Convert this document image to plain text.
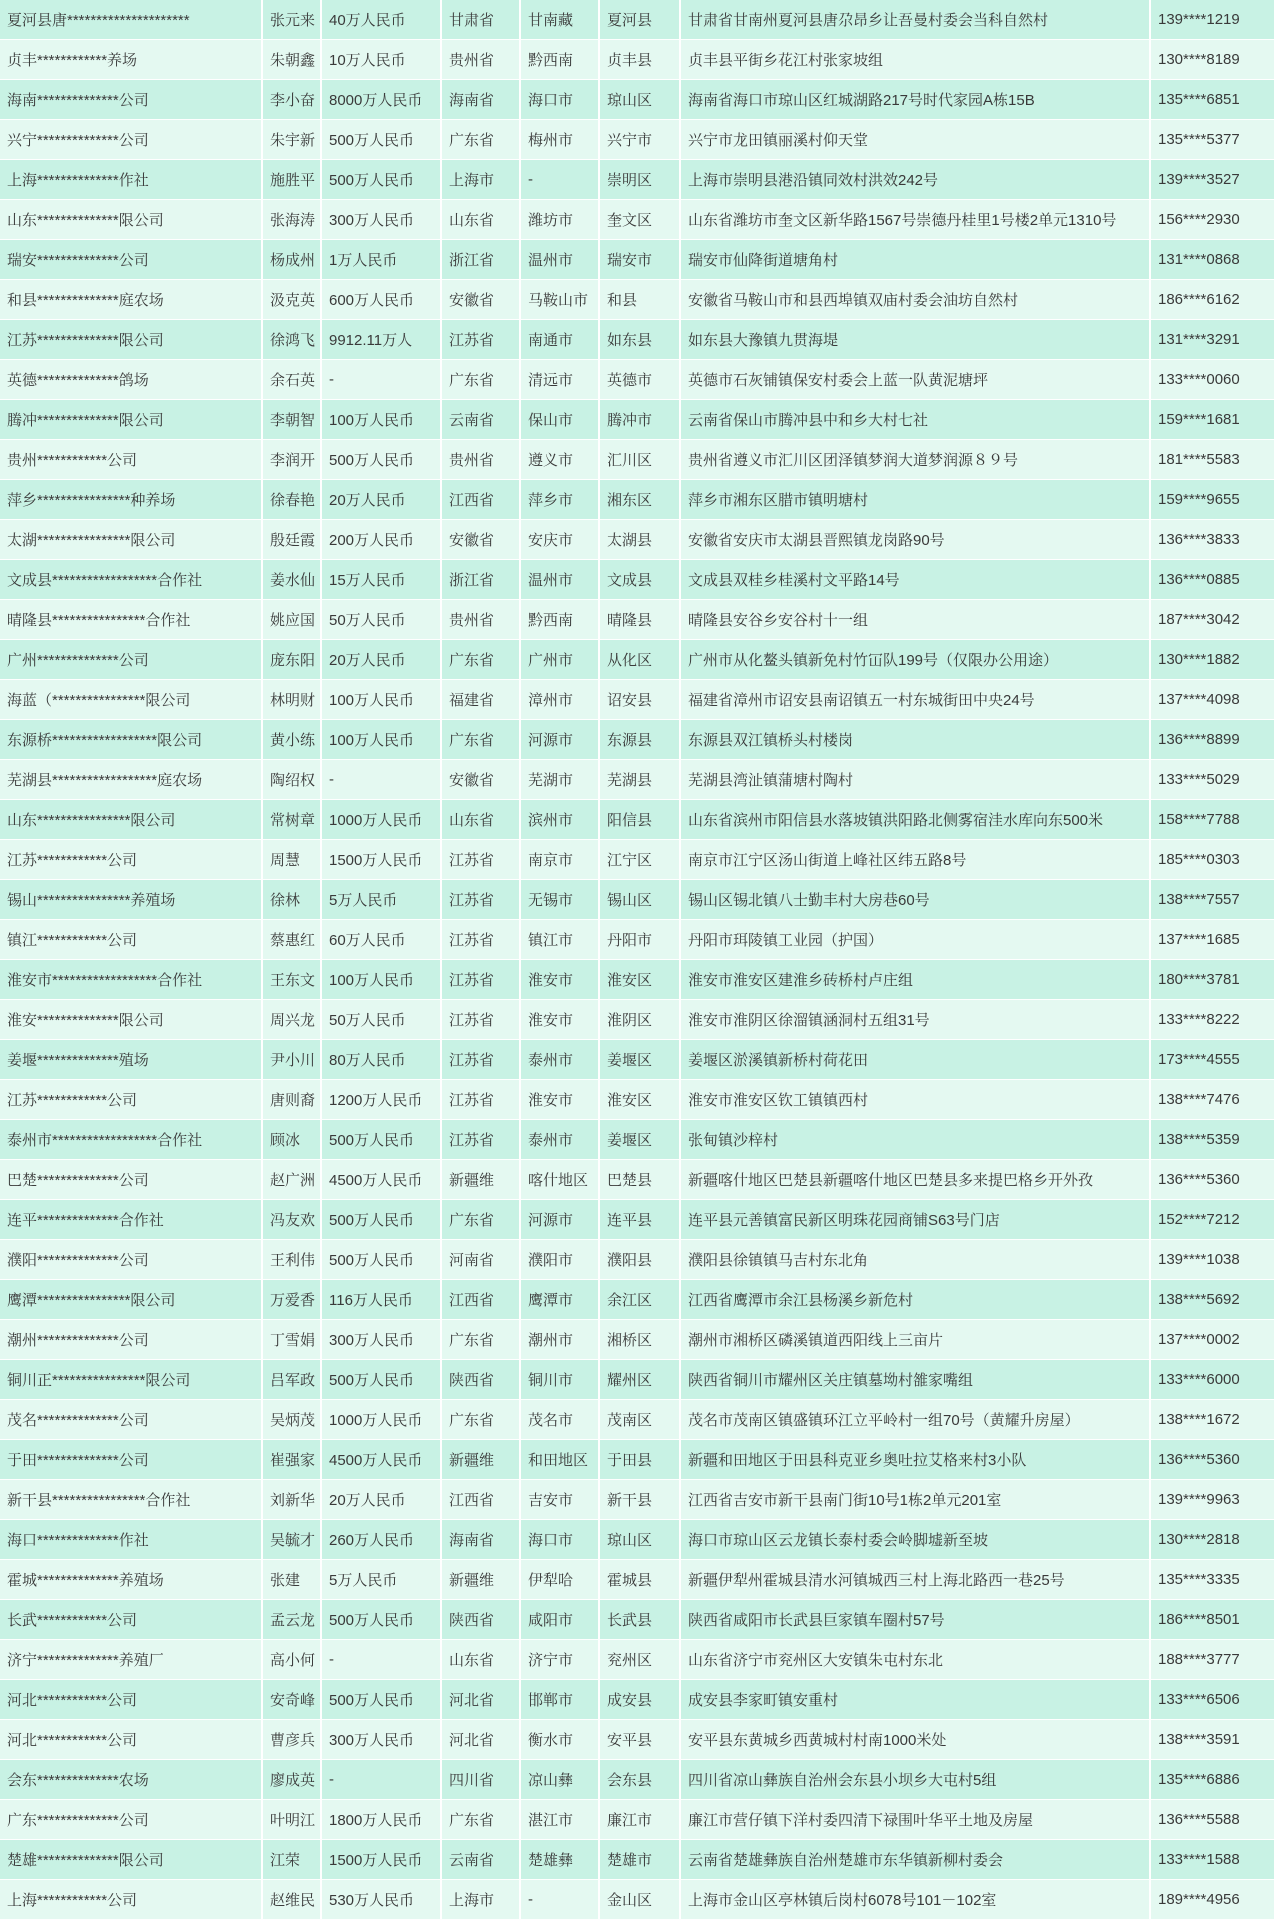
夏河县唐*********************	张元来 40万人民币	甘肃省	甘南藏	夏河县	甘肃省甘南州夏河县唐尕昂乡让吾曼村委会当科自然村	139****1219
贞丰************养场	朱朝鑫 10万人民币	贵州省	黔西南	贞丰县	贞丰县平街乡花江村张家坡组	130****8189
海南**************公司	李小奋 8000万人民币	海南省	海口市	琼山区	海南省海口市琼山区红城湖路217号时代家园A栋15B	135****6851
兴宁**************公司	朱宇新 500万人民币	广东省	梅州市	兴宁市	兴宁市龙田镇丽溪村仰天堂	135****5377
上海**************作社	施胜平 500万人民币	上海市	-	崇明区	上海市崇明县港沿镇同效村洪效242号	139****3527
山东**************限公司	张海涛 300万人民币	山东省	潍坊市	奎文区	山东省潍坊市奎文区新华路1567号崇德丹桂里1号楼2单元1310号	156****2930
瑞安**************公司	杨成州 1万人民币	浙江省	温州市	瑞安市	瑞安市仙降街道塘角村	131****0868
和县**************庭农场	汲克英 600万人民币	安徽省	马鞍山市	和县	安徽省马鞍山市和县西埠镇双庙村委会油坊自然村	186****6162
江苏**************限公司	徐鸿飞 9912.11万人	江苏省	南通市	如东县	如东县大豫镇九贯海堤	131****3291
英德**************鸽场	余石英 -	广东省	清远市	英德市	英德市石灰铺镇保安村委会上蓝一队黄泥塘坪	133****0060
腾冲**************限公司	李朝智 100万人民币	云南省	保山市	腾冲市	云南省保山市腾冲县中和乡大村七社	159****1681
贵州************公司	李润开 500万人民币	贵州省	遵义市	汇川区	贵州省遵义市汇川区团泽镇梦润大道梦润源８９号	181****5583
萍乡****************种养场	徐春艳 20万人民币	江西省	萍乡市	湘东区	萍乡市湘东区腊市镇明塘村	159****9655
太湖****************限公司	殷廷霞 200万人民币	安徽省	安庆市	太湖县	安徽省安庆市太湖县晋熙镇龙岗路90号	136****3833
文成县******************合作社	姜水仙 15万人民币	浙江省	温州市	文成县	文成县双桂乡桂溪村文平路14号	136****0885
晴隆县****************合作社	姚应国 50万人民币	贵州省	黔西南	晴隆县	晴隆县安谷乡安谷村十一组	187****3042
广州**************公司	庞东阳 20万人民币	广东省	广州市	从化区	广州市从化鳌头镇新免村竹冚队199号（仅限办公用途）	130****1882
海蓝（****************限公司	林明财 100万人民币	福建省	漳州市	诏安县	福建省漳州市诏安县南诏镇五一村东城街田中央24号	137****4098
东源桥******************限公司	黄小练 100万人民币	广东省	河源市	东源县	东源县双江镇桥头村楼岗	136****8899
芜湖县******************庭农场	陶绍权 -	安徽省	芜湖市	芜湖县	芜湖县湾沚镇蒲塘村陶村	133****5029
山东****************限公司	常树章 1000万人民币	山东省	滨州市	阳信县	山东省滨州市阳信县水落坡镇洪阳路北侧雾宿洼水库向东500米	158****7788
江苏************公司	周慧	1500万人民币	江苏省	南京市	江宁区	南京市江宁区汤山街道上峰社区纬五路8号	185****0303
锡山****************养殖场	徐林	5万人民币	江苏省	无锡市	锡山区	锡山区锡北镇八士勤丰村大房巷60号	138****7557
镇江************公司	蔡惠红 60万人民币	江苏省	镇江市	丹阳市	丹阳市珥陵镇工业园（护国）	137****1685
淮安市******************合作社	王东文 100万人民币	江苏省	淮安市	淮安区	淮安市淮安区建淮乡砖桥村卢庄组	180****3781
淮安**************限公司	周兴龙 50万人民币	江苏省	淮安市	淮阴区	淮安市淮阴区徐溜镇涵洞村五组31号	133****8222
姜堰**************殖场	尹小川 80万人民币	江苏省	泰州市	姜堰区	姜堰区淤溪镇新桥村荷花田	173****4555
江苏************公司	唐则裔 1200万人民币	江苏省	淮安市	淮安区	淮安市淮安区钦工镇镇西村	138****7476
泰州市******************合作社	顾冰	500万人民币	江苏省	泰州市	姜堰区	张甸镇沙梓村	138****5359
巴楚**************公司	赵广洲 4500万人民币	新疆维	喀什地区	巴楚县	新疆喀什地区巴楚县新疆喀什地区巴楚县多来提巴格乡开外孜	136****5360
连平**************合作社	冯友欢 500万人民币	广东省	河源市	连平县	连平县元善镇富民新区明珠花园商铺S63号门店	152****7212
濮阳**************公司	王利伟 500万人民币	河南省	濮阳市	濮阳县	濮阳县徐镇镇马吉村东北角	139****1038
鹰潭****************限公司	万爱香 116万人民币	江西省	鹰潭市	余江区	江西省鹰潭市余江县杨溪乡新危村	138****5692
潮州**************公司	丁雪娟 300万人民币	广东省	潮州市	湘桥区	潮州市湘桥区磷溪镇道西阳线上三亩片	137****0002
铜川正****************限公司	吕军政 500万人民币	陕西省	铜川市	耀州区	陕西省铜川市耀州区关庄镇墓坳村雒家嘴组	133****6000
茂名**************公司	吴炳茂 1000万人民币	广东省	茂名市	茂南区	茂名市茂南区镇盛镇环江立平岭村一组70号（黄耀升房屋）	138****1672
于田**************公司	崔强家 4500万人民币	新疆维	和田地区	于田县	新疆和田地区于田县科克亚乡奥吐拉艾格来村3小队	136****5360
新干县****************合作社	刘新华 20万人民币	江西省	吉安市	新干县	江西省吉安市新干县南门街10号1栋2单元201室	139****9963
海口**************作社	吴毓才 260万人民币	海南省	海口市	琼山区	海口市琼山区云龙镇长泰村委会岭脚墟新至坡	130****2818
霍城**************养殖场	张建	5万人民币	新疆维	伊犁哈	霍城县	新疆伊犁州霍城县清水河镇城西三村上海北路西一巷25号	135****3335
长武************公司	孟云龙 500万人民币	陕西省	咸阳市	长武县	陕西省咸阳市长武县巨家镇车圈村57号	186****8501
济宁**************养殖厂	高小何 -	山东省	济宁市	兖州区	山东省济宁市兖州区大安镇朱屯村东北	188****3777
河北************公司	安奇峰 500万人民币	河北省	邯郸市	成安县	成安县李家町镇安重村	133****6506
河北************公司	曹彦兵 300万人民币	河北省	衡水市	安平县	安平县东黄城乡西黄城村村南1000米处	138****3591
会东**************农场	廖成英 -	四川省	凉山彝	会东县	四川省凉山彝族自治州会东县小坝乡大屯村5组	135****6886
广东**************公司	叶明江 1800万人民币	广东省	湛江市	廉江市	廉江市营仔镇下洋村委四清下禄围叶华平土地及房屋	136****5588
楚雄**************限公司	江荣	1500万人民币	云南省	楚雄彝	楚雄市	云南省楚雄彝族自治州楚雄市东华镇新柳村委会	133****1588
上海************公司	赵维民 530万人民币	上海市	-	金山区	上海市金山区亭林镇后岗村6078号101－102室	189****4956
